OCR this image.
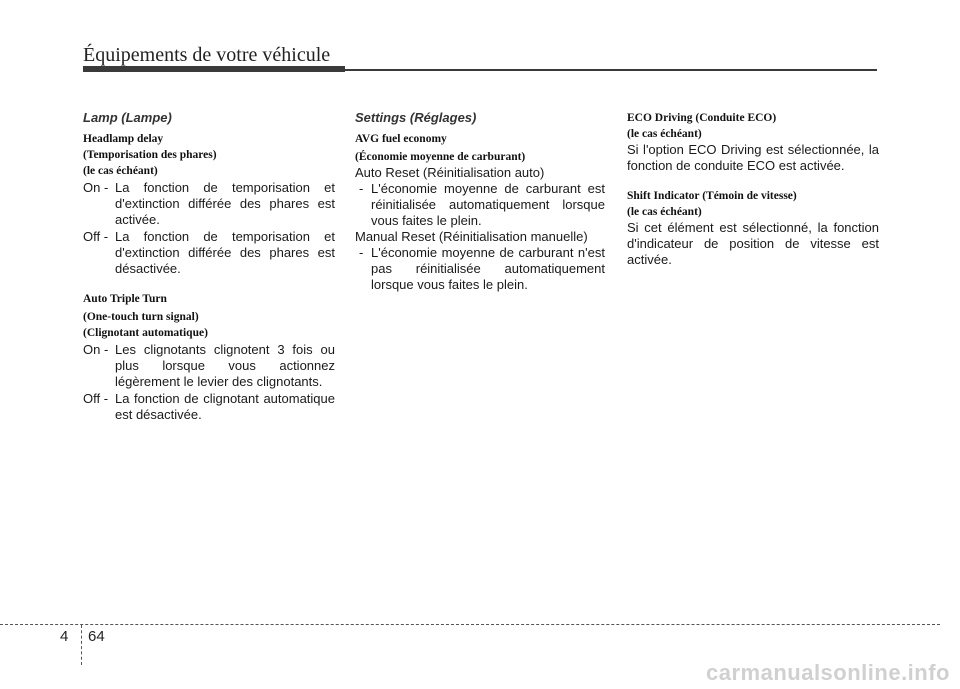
Équipements de votre véhicule

Lamp (Lampe)

Headlamp delay

(Temporisation des phares)

(le cas échéant)

On - La fonction de temporisation et d'extinction différée des phares est activée.
Off - La fonction de temporisation et d'extinction différée des phares est désactivée.

Auto Triple Turn

(One-touch turn signal)

(Clignotant automatique)

On - Les clignotants clignotent 3 fois ou plus lorsque vous actionnez légèrement le levier des clignotants.
Off - La fonction de clignotant automatique est désactivée.

Settings (Réglages)

AVG fuel economy

(Économie moyenne de carburant)

Auto Reset (Réinitialisation auto)

- L'économie moyenne de carburant est réinitialisée automatiquement lorsque vous faites le plein.

Manual Reset (Réinitialisation manuelle)

- L'économie moyenne de carburant n'est pas réinitialisée automatiquement lorsque vous faites le plein.

ECO Driving (Conduite ECO)

(le cas échéant)

Si l'option ECO Driving est sélectionnée, la fonction de conduite ECO est activée.

Shift Indicator (Témoin de vitesse)

(le cas échéant)

Si cet élément est sélectionné, la fonction d'indicateur de position de vitesse est activée.

4 64
carmanualsonline.info
